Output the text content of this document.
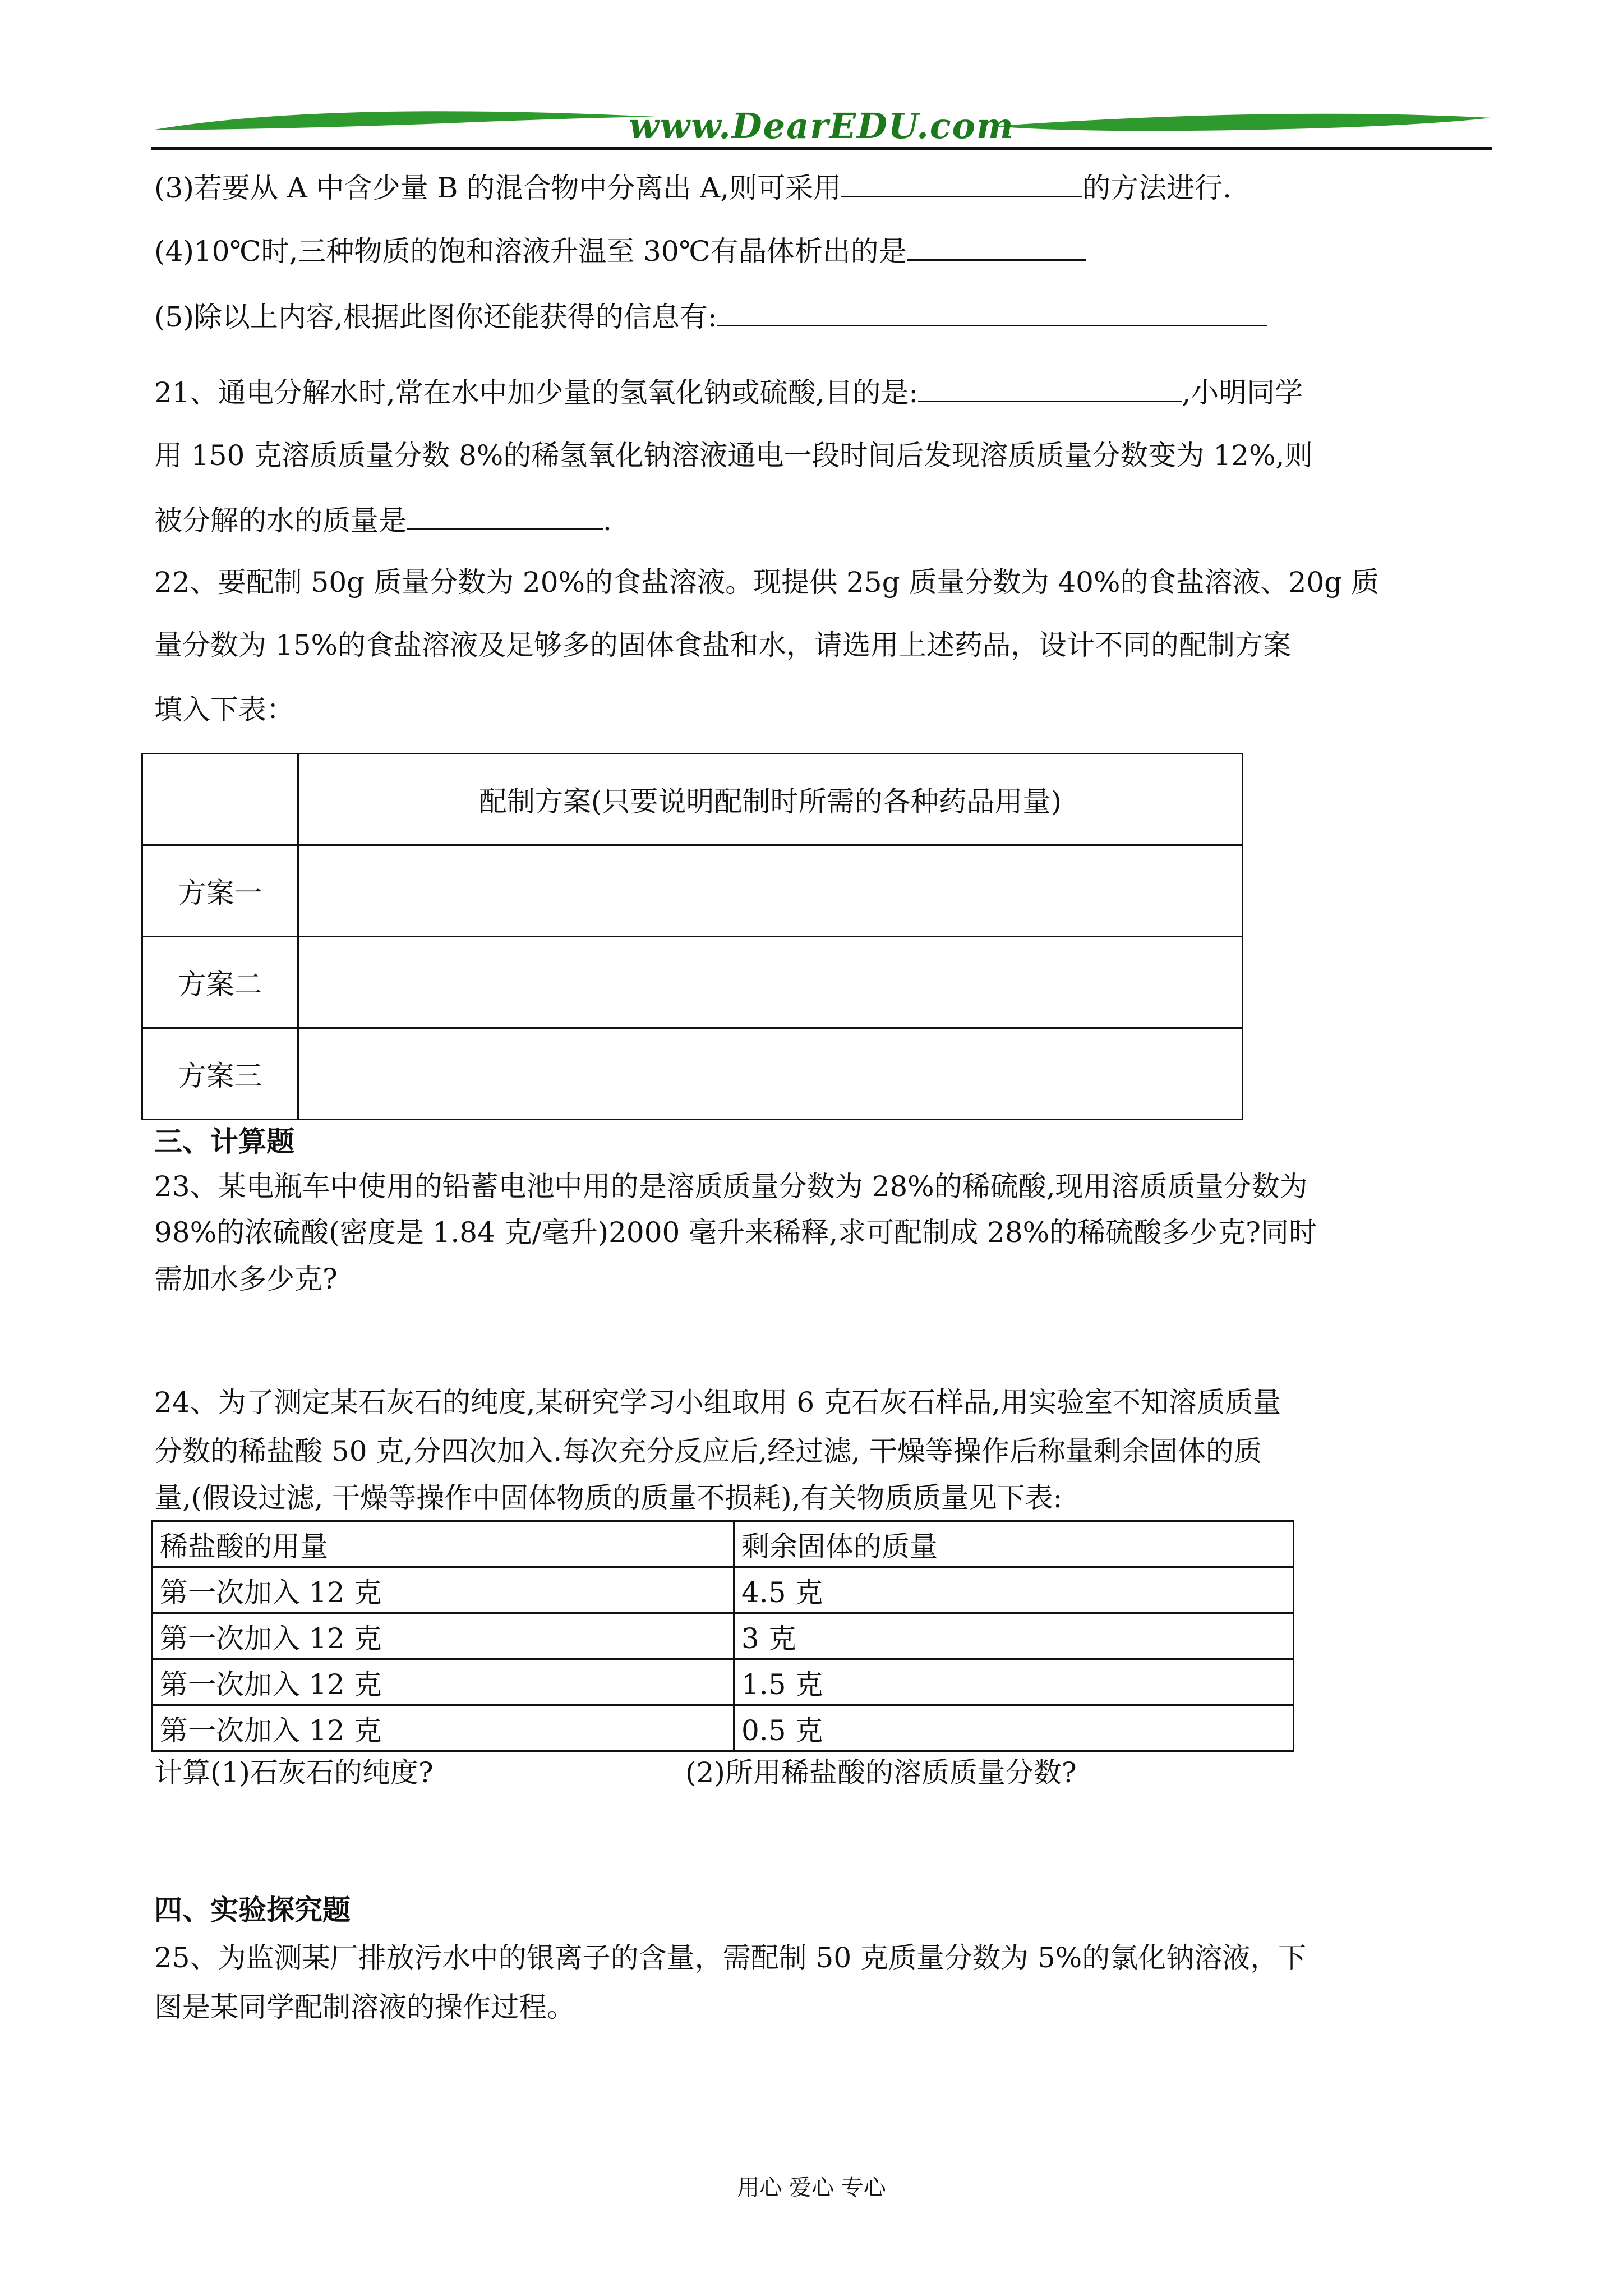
www.DearEDU.com
(3)若要从 A 中含少量 B 的混合物中分离出 A,则可采用	的方法进行.
(4)10℃时,三种物质的饱和溶液升温至 30℃有晶体析出的是
(5)除以上内容,根据此图你还能获得的信息有:
21、通电分解水时,常在水中加少量的氢氧化钠或硫酸,目的是:	,小明同学
用 150 克溶质质量分数 8%的稀氢氧化钠溶液通电一段时间后发现溶质质量分数变为 12%,则
被分解的水的质量是	.
22、要配制 50g 质量分数为 20%的食盐溶液。现提供 25g 质量分数为 40%的食盐溶液、20g 质
量分数为 15%的食盐溶液及足够多的固体食盐和水，请选用上述药品，设计不同的配制方案
填入下表：
	配制方案(只要说明配制时所需的各种药品用量)
方案一	
方案二	
方案三	
三、计算题
23、某电瓶车中使用的铅蓄电池中用的是溶质质量分数为 28%的稀硫酸,现用溶质质量分数为
98%的浓硫酸(密度是 1.84 克/毫升)2000 毫升来稀释,求可配制成 28%的稀硫酸多少克?同时
需加水多少克?
24、为了测定某石灰石的纯度,某研究学习小组取用 6 克石灰石样品,用实验室不知溶质质量
分数的稀盐酸 50 克,分四次加入.每次充分反应后,经过滤, 干燥等操作后称量剩余固体的质
量,(假设过滤, 干燥等操作中固体物质的质量不损耗),有关物质质量见下表:
稀盐酸的用量	剩余固体的质量
第一次加入 12 克	4.5 克
第一次加入 12 克	3 克
第一次加入 12 克	1.5 克
第一次加入 12 克	0.5 克
计算(1)石灰石的纯度?	(2)所用稀盐酸的溶质质量分数?
四、实验探究题
25、为监测某厂排放污水中的银离子的含量，需配制 50 克质量分数为 5%的氯化钠溶液，下
图是某同学配制溶液的操作过程。
用心 爱心 专心
